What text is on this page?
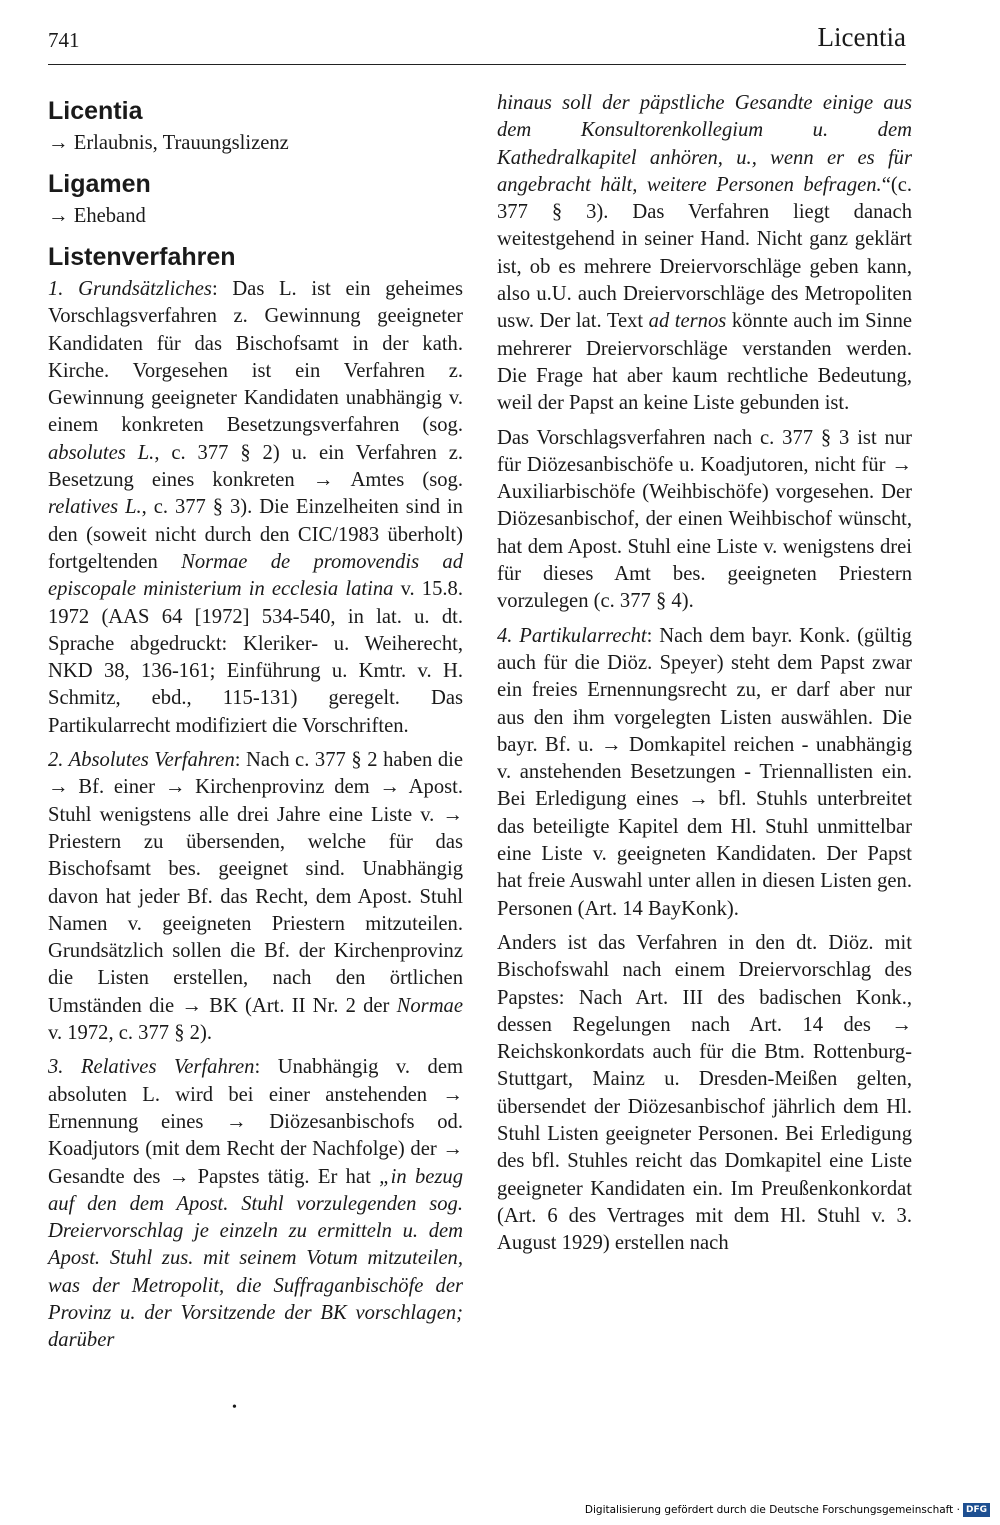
741	Licentia
Licentia
→ Erlaubnis, Trauungslizenz
Ligamen
→ Eheband
Listenverfahren

1. Grundsätzliches: Das L. ist ein geheimes Vorschlagsverfahren z. Gewinnung geeigneter Kandidaten für das Bischofsamt in der kath. Kirche. Vorgesehen ist ein Verfahren z. Gewinnung geeigneter Kandidaten unabhängig v. einem konkreten Besetzungsverfahren (sog. absolutes L., c. 377 § 2) u. ein Verfahren z. Besetzung eines konkreten → Amtes (sog. relatives L., c. 377 § 3). Die Einzelheiten sind in den (soweit nicht durch den CIC/1983 überholt) fortgeltenden Normae de promovendis ad episcopale ministerium in ecclesia latina v. 15.8. 1972 (AAS 64 [1972] 534-540, in lat. u. dt. Sprache abgedruckt: Kleriker- u. Weiherecht, NKD 38, 136-161; Einführung u. Kmtr. v. H. Schmitz, ebd., 115-131) geregelt. Das Partikularrecht modifiziert die Vorschriften.

2. Absolutes Verfahren: Nach c. 377 § 2 haben die → Bf. einer → Kirchenprovinz dem → Apost. Stuhl wenigstens alle drei Jahre eine Liste v. → Priestern zu übersenden, welche für das Bischofsamt bes. geeignet sind. Unabhängig davon hat jeder Bf. das Recht, dem Apost. Stuhl Namen v. geeigneten Priestern mitzuteilen. Grundsätzlich sollen die Bf. der Kirchenprovinz die Listen erstellen, nach den örtlichen Umständen die → BK (Art. II Nr. 2 der Normae v. 1972, c. 377 § 2).

3. Relatives Verfahren: Unabhängig v. dem absoluten L. wird bei einer anstehenden → Ernennung eines → Diözesanbischofs od. Koadjutors (mit dem Recht der Nachfolge) der → Gesandte des → Papstes tätig. Er hat „in bezug auf den dem Apost. Stuhl vorzulegenden sog. Dreiervorschlag je einzeln zu ermitteln u. dem Apost. Stuhl zus. mit seinem Votum mitzuteilen, was der Metropolit, die Suffraganbischöfe der Provinz u. der Vorsitzende der BK vorschlagen; darüber

•

hinaus soll der päpstliche Gesandte einige aus dem Konsultorenkollegium u. dem Kathedralkapitel anhören, u., wenn er es für angebracht hält, weitere Personen befragen.“(c. 377 § 3). Das Verfahren liegt danach weitestgehend in seiner Hand. Nicht ganz geklärt ist, ob es mehrere Dreiervorschläge geben kann, also u.U. auch Dreiervorschläge des Metropoliten usw. Der lat. Text ad ternos könnte auch im Sinne mehrerer Dreiervorschläge verstanden werden. Die Frage hat aber kaum rechtliche Bedeutung, weil der Papst an keine Liste gebunden ist.

Das Vorschlagsverfahren nach c. 377 § 3 ist nur für Diözesanbischöfe u. Koadjutoren, nicht für → Auxiliarbischöfe (Weihbischöfe) vorgesehen. Der Diözesanbischof, der einen Weihbischof wünscht, hat dem Apost. Stuhl eine Liste v. wenigstens drei für dieses Amt bes. geeigneten Priestern vorzulegen (c. 377 § 4).

4. Partikularrecht: Nach dem bayr. Konk. (gültig auch für die Diöz. Speyer) steht dem Papst zwar ein freies Ernennungsrecht zu, er darf aber nur aus den ihm vorgelegten Listen auswählen. Die bayr. Bf. u. → Domkapitel reichen - unabhängig v. anstehenden Besetzungen - Triennallisten ein. Bei Erledigung eines → bfl. Stuhls unterbreitet das beteiligte Kapitel dem Hl. Stuhl unmittelbar eine Liste v. geeigneten Kandidaten. Der Papst hat freie Auswahl unter allen in diesen Listen gen. Personen (Art. 14 BayKonk).

Anders ist das Verfahren in den dt. Diöz. mit Bischofswahl nach einem Dreiervorschlag des Papstes: Nach Art. III des badischen Konk., dessen Regelungen nach Art. 14 des → Reichskonkordats auch für die Btm. Rottenburg-Stuttgart, Mainz u. Dresden-Meißen gelten, übersendet der Diözesanbischof jährlich dem Hl. Stuhl Listen geeigneter Personen. Bei Erledigung des bfl. Stuhles reicht das Domkapitel eine Liste geeigneter Kandidaten ein. Im Preußenkonkordat (Art. 6 des Vertrages mit dem Hl. Stuhl v. 3. August 1929) erstellen nach

Digitalisierung gefördert durch die Deutsche Forschungsgemeinschaft · DFG
